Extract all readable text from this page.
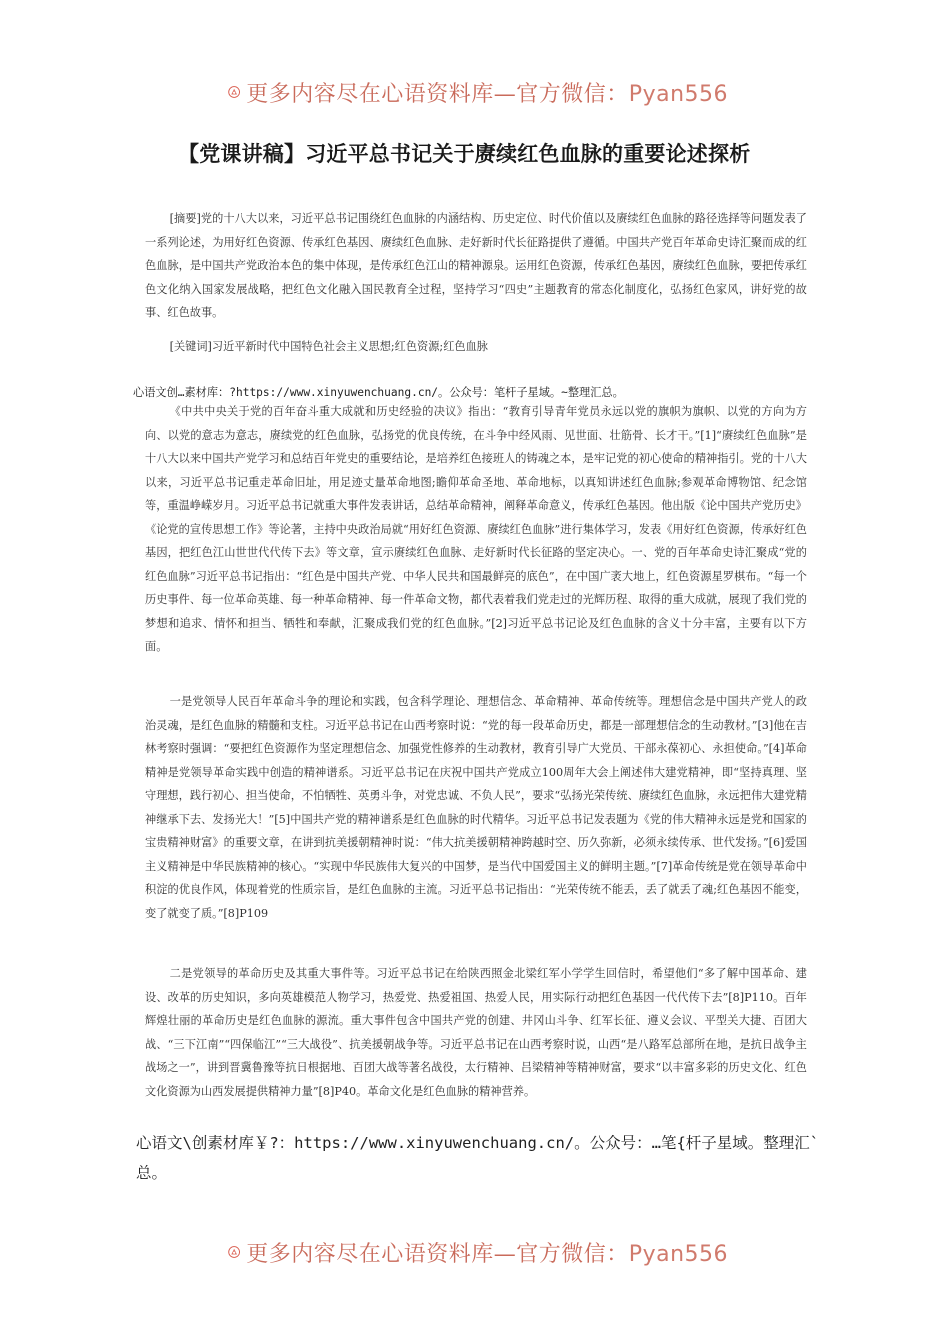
更多内容尽在心语资料库—官方微信：Pyan556
【党课讲稿】习近平总书记关于赓续红色血脉的重要论述探析

[摘要]党的十八大以来，习近平总书记围绕红色血脉的内涵结构、历史定位、时代价值以及赓续红色血脉的路径选择等问题发表了一系列论述，为用好红色资源、传承红色基因、赓续红色血脉、走好新时代长征路提供了遵循。中国共产党百年革命史诗汇聚而成的红色血脉，是中国共产党政治本色的集中体现，是传承红色江山的精神源泉。运用红色资源，传承红色基因，赓续红色血脉，要把传承红色文化纳入国家发展战略，把红色文化融入国民教育全过程，坚持学习“四史”主题教育的常态化制度化，弘扬红色家风，讲好党的故事、红色故事。

[关键词]习近平新时代中国特色社会主义思想;红色资源;红色血脉

心语文创…素材库：?https://www.xinyuwenchuang.cn/。公众号：笔杆子星域。~整理汇总。

《中共中央关于党的百年奋斗重大成就和历史经验的决议》指出：“教育引导青年党员永远以党的旗帜为旗帜、以党的方向为方向、以党的意志为意志，赓续党的红色血脉，弘扬党的优良传统，在斗争中经风雨、见世面、壮筋骨、长才干。”[1]“赓续红色血脉”是十八大以来中国共产党学习和总结百年党史的重要结论，是培养红色接班人的铸魂之本，是牢记党的初心使命的精神指引。党的十八大以来，习近平总书记重走革命旧址，用足迹丈量革命地图;瞻仰革命圣地、革命地标，以真知讲述红色血脉;参观革命博物馆、纪念馆等，重温峥嵘岁月。习近平总书记就重大事件发表讲话，总结革命精神，阐释革命意义，传承红色基因。他出版《论中国共产党历史》《论党的宣传思想工作》等论著，主持中央政治局就“用好红色资源、赓续红色血脉”进行集体学习，发表《用好红色资源，传承好红色基因，把红色江山世世代代传下去》等文章，宣示赓续红色血脉、走好新时代长征路的坚定决心。一、党的百年革命史诗汇聚成“党的红色血脉”习近平总书记指出：“红色是中国共产党、中华人民共和国最鲜亮的底色”，在中国广袤大地上，红色资源星罗棋布。“每一个历史事件、每一位革命英雄、每一种革命精神、每一件革命文物，都代表着我们党走过的光辉历程、取得的重大成就，展现了我们党的梦想和追求、情怀和担当、牺牲和奉献，汇聚成我们党的红色血脉。”[2]习近平总书记论及红色血脉的含义十分丰富，主要有以下方面。

一是党领导人民百年革命斗争的理论和实践，包含科学理论、理想信念、革命精神、革命传统等。理想信念是中国共产党人的政治灵魂，是红色血脉的精髓和支柱。习近平总书记在山西考察时说：“党的每一段革命历史，都是一部理想信念的生动教材。”[3]他在吉林考察时强调：“要把红色资源作为坚定理想信念、加强党性修养的生动教材，教育引导广大党员、干部永葆初心、永担使命。”[4]革命精神是党领导革命实践中创造的精神谱系。习近平总书记在庆祝中国共产党成立100周年大会上阐述伟大建党精神，即“坚持真理、坚守理想，践行初心、担当使命，不怕牺牲、英勇斗争，对党忠诚、不负人民”，要求“弘扬光荣传统、赓续红色血脉，永远把伟大建党精神继承下去、发扬光大！”[5]中国共产党的精神谱系是红色血脉的时代精华。习近平总书记发表题为《党的伟大精神永远是党和国家的宝贵精神财富》的重要文章，在讲到抗美援朝精神时说：“伟大抗美援朝精神跨越时空、历久弥新，必须永续传承、世代发扬。”[6]爱国主义精神是中华民族精神的核心。“实现中华民族伟大复兴的中国梦，是当代中国爱国主义的鲜明主题。”[7]革命传统是党在领导革命中积淀的优良作风，体现着党的性质宗旨，是红色血脉的主流。习近平总书记指出：“光荣传统不能丢，丢了就丢了魂;红色基因不能变，变了就变了质。”[8]P109

二是党领导的革命历史及其重大事件等。习近平总书记在给陕西照金北梁红军小学学生回信时，希望他们“多了解中国革命、建设、改革的历史知识，多向英雄模范人物学习，热爱党、热爱祖国、热爱人民，用实际行动把红色基因一代代传下去”[8]P110。百年辉煌壮丽的革命历史是红色血脉的源流。重大事件包含中国共产党的创建、井冈山斗争、红军长征、遵义会议、平型关大捷、百团大战、“三下江南”“四保临江”“三大战役”、抗美援朝战争等。习近平总书记在山西考察时说，山西“是八路军总部所在地，是抗日战争主战场之一”，讲到晋冀鲁豫等抗日根据地、百团大战等著名战役，太行精神、吕梁精神等精神财富，要求“以丰富多彩的历史文化、红色文化资源为山西发展提供精神力量”[8]P40。革命文化是红色血脉的精神营养。

心语文\创素材库￥?：https://www.xinyuwenchuang.cn/。公众号：…笔{杆子星域。整理汇`总。
更多内容尽在心语资料库—官方微信：Pyan556
